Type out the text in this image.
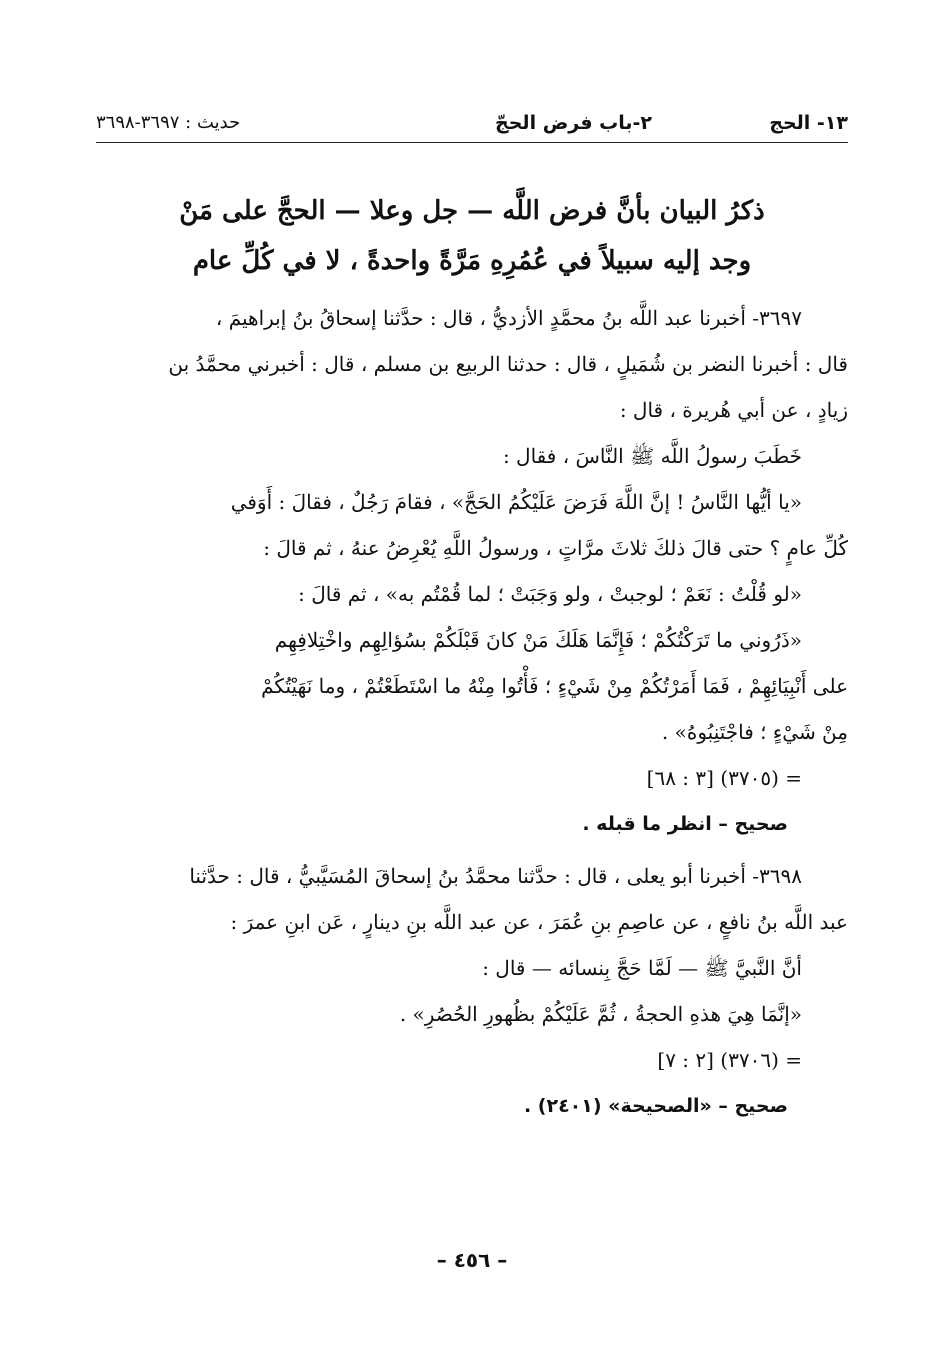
١٣- الحج
٢-باب فرض الحجّ
حديث : ٣٦٩٧-٣٦٩٨
ذكرُ البيان بأنَّ فرض اللَّه — جل وعلا — الحجَّ على مَنْ
وجد إليه سبيلاً في عُمُرِهِ مَرَّةً واحدةً ، لا في كُلِّ عام

٣٦٩٧- أخبرنا عبد اللَّه بنُ محمَّدٍ الأزديُّ ، قال : حدَّثنا إسحاقُ بنُ إبراهيمَ ،

قال : أخبرنا النضر بن شُمَيلٍ ، قال : حدثنا الربيع بن مسلم ، قال : أخبرني محمَّدُ بن

زيادٍ ، عن أبي هُريرة ، قال :

خَطَبَ رسولُ اللَّه ﷺ النَّاسَ ، فقال :

«يا أيُّها النَّاسُ ! إنَّ اللَّهَ فَرَضَ عَلَيْكُمُ الحَجَّ» ، فقامَ رَجُلٌ ، فقالَ : أَوَفي

كُلِّ عامٍ ؟ حتى قالَ ذلكَ ثلاثَ مرَّاتٍ ، ورسولُ اللَّهِ يُعْرِضُ عنهُ ، ثم قالَ :

«لو قُلْتُ : نَعَمْ ؛ لوجبتْ ، ولو وَجَبَتْ ؛ لما قُمْتُم به» ، ثم قالَ :

«ذَرُوني ما تَرَكْتُكُمْ ؛ فَإِنَّمَا هَلَكَ مَنْ كانَ قَبْلَكُمْ بسُؤالِهِم واخْتِلافِهِم

على أَنْبِيَائِهِمْ ، فَمَا أَمَرْتُكُمْ مِنْ شَيْءٍ ؛ فَأْتُوا مِنْهُ ما اسْتَطَعْتُمْ ، وما نَهَيْتُكُمْ

مِنْ شَيْءٍ ؛ فاجْتَنِبُوهُ» .

= (٣٧٠٥) [٣ : ٦٨]

صحيح – انظر ما قبله .

٣٦٩٨- أخبرنا أبو يعلى ، قال : حدَّثنا محمَّدُ بنُ إسحاقَ المُسَيَّبيُّ ، قال : حدَّثنا

عبد اللَّه بنُ نافعٍ ، عن عاصِمِ بنِ عُمَرَ ، عن عبد اللَّه بنِ دينارٍ ، عَن ابنِ عمرَ :

أنَّ النَّبيَّ ﷺ — لَمَّا حَجَّ بِنسائه — قال :

«إنَّمَا هِيَ هذهِ الحجةُ ، ثُمَّ عَلَيْكُمْ بظُهورِ الحُصُرِ» .

= (٣٧٠٦) [٢ : ٧]

صحيح – «الصحيحة» (٢٤٠١) .

– ٤٥٦ –
